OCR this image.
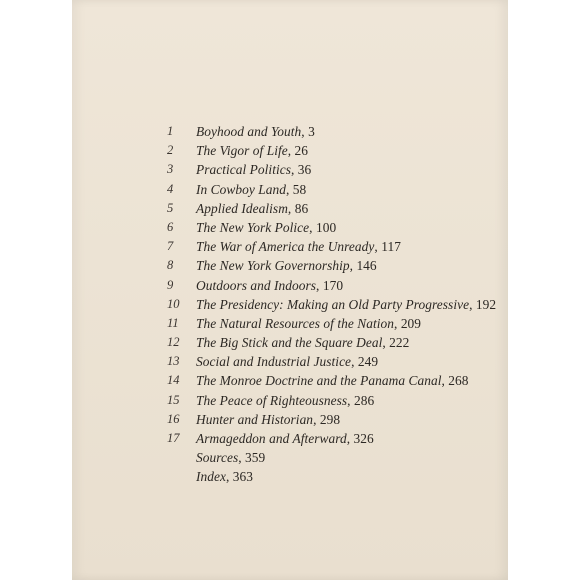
1	Boyhood and Youth, 3
2	The Vigor of Life, 26
3	Practical Politics, 36
4	In Cowboy Land, 58
5	Applied Idealism, 86
6	The New York Police, 100
7	The War of America the Unready, 117
8	The New York Governorship, 146
9	Outdoors and Indoors, 170
10	The Presidency: Making an Old Party Progressive, 192
11	The Natural Resources of the Nation, 209
12	The Big Stick and the Square Deal, 222
13	Social and Industrial Justice, 249
14	The Monroe Doctrine and the Panama Canal, 268
15	The Peace of Righteousness, 286
16	Hunter and Historian, 298
17	Armageddon and Afterward, 326
Sources, 359
Index, 363
